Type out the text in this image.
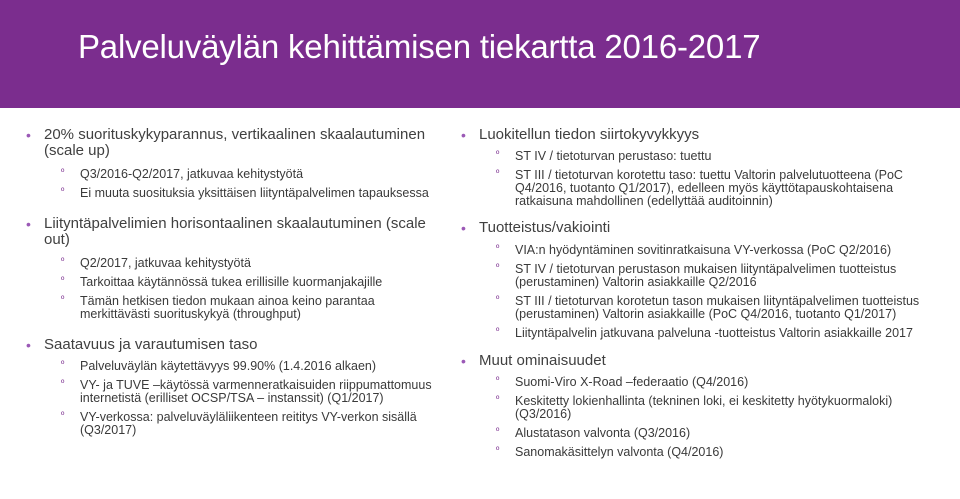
Palveluväylän kehittämisen tiekartta 2016-2017
• 20% suorituskykyparannus, vertikaalinen skaalautuminen (scale up)
º Q3/2016-Q2/2017, jatkuvaa kehitystyötä
º Ei muuta suosituksia yksittäisen liityntäpalvelimen tapauksessa
• Liityntäpalvelimien horisontaalinen skaalautuminen (scale out)
º Q2/2017, jatkuvaa kehitystyötä
º Tarkoittaa käytännössä tukea erillisille kuormanjakajille
º Tämän hetkisen tiedon mukaan ainoa keino parantaa merkittävästi suorituskykyä (throughput)
• Saatavuus ja varautumisen taso
º Palveluväylän käytettävyys 99.90% (1.4.2016 alkaen)
º VY- ja TUVE –käytössä varmenneratkaisuiden riippumattomuus internetistä (erilliset OCSP/TSA – instanssit) (Q1/2017)
º VY-verkossa: palveluväyläliikenteen reititys VY-verkon sisällä (Q3/2017)
• Luokitellun tiedon siirtokyvykkyys
º ST IV / tietoturvan perustaso: tuettu
º ST III / tietoturvan korotettu taso: tuettu Valtorin palvelutuotteena (PoC Q4/2016, tuotanto Q1/2017), edelleen myös käyttötapauskohtaisena ratkaisuna mahdollinen (edellyttää auditoinnin)
• Tuotteistus/vakiointi
º VIA:n hyödyntäminen sovitinratkaisuna VY-verkossa (PoC Q2/2016)
º ST IV / tietoturvan perustason mukaisen liityntäpalvelimen tuotteistus (perustaminen) Valtorin asiakkaille Q2/2016
º ST III / tietoturvan korotetun tason mukaisen liityntäpalvelimen tuotteistus (perustaminen) Valtorin asiakkaille (PoC Q4/2016, tuotanto Q1/2017)
º Liityntäpalvelin jatkuvana palveluna -tuotteistus Valtorin asiakkaille 2017
• Muut ominaisuudet
º Suomi-Viro X-Road –federaatio (Q4/2016)
º Keskitetty lokienhallinta (tekninen loki, ei keskitetty hyötykuormaloki) (Q3/2016)
º Alustatason valvonta (Q3/2016)
º Sanomakäsittelyn valvonta (Q4/2016)
